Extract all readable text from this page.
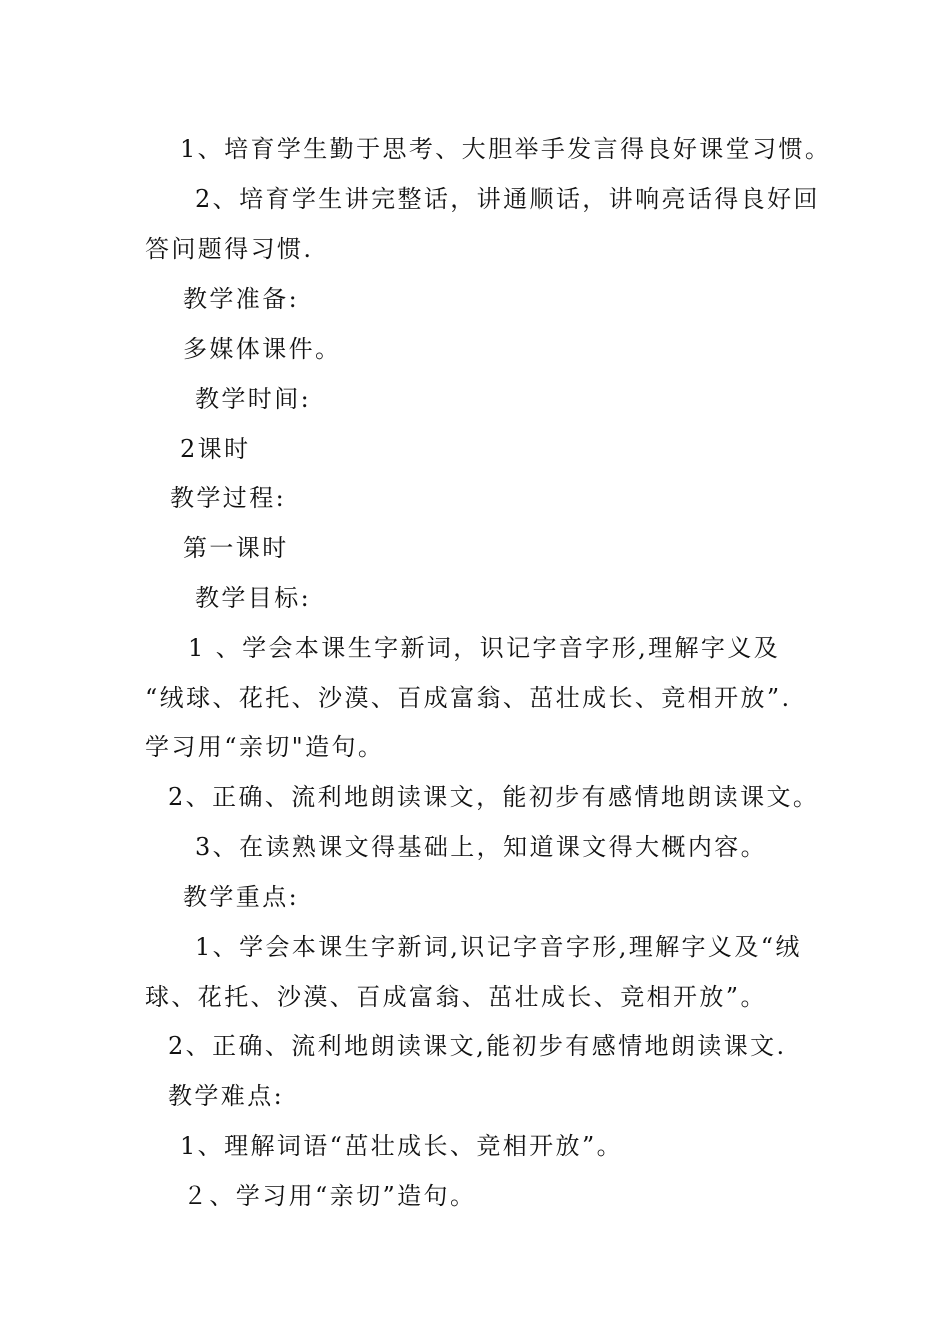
1、培育学生勤于思考、大胆举手发言得良好课堂习惯。

2、培育学生讲完整话，讲通顺话，讲响亮话得良好回

答问题得习惯.

教学准备:

多媒体课件。

教学时间:

2课时

教学过程:

第一课时

教学目标:

1 、学会本课生字新词，识记字音字形,理解字义及

“绒球、花托、沙漠、百成富翁、茁壮成长、竞相开放”.

学习用“亲切"造句。

2、正确、流利地朗读课文，能初步有感情地朗读课文。

3、在读熟课文得基础上，知道课文得大概内容。

教学重点:

1、学会本课生字新词,识记字音字形,理解字义及“绒

球、花托、沙漠、百成富翁、茁壮成长、竞相开放”。

2、正确、流利地朗读课文,能初步有感情地朗读课文.

教学难点:

1、理解词语“茁壮成长、竞相开放”。

２、学习用“亲切”造句。
